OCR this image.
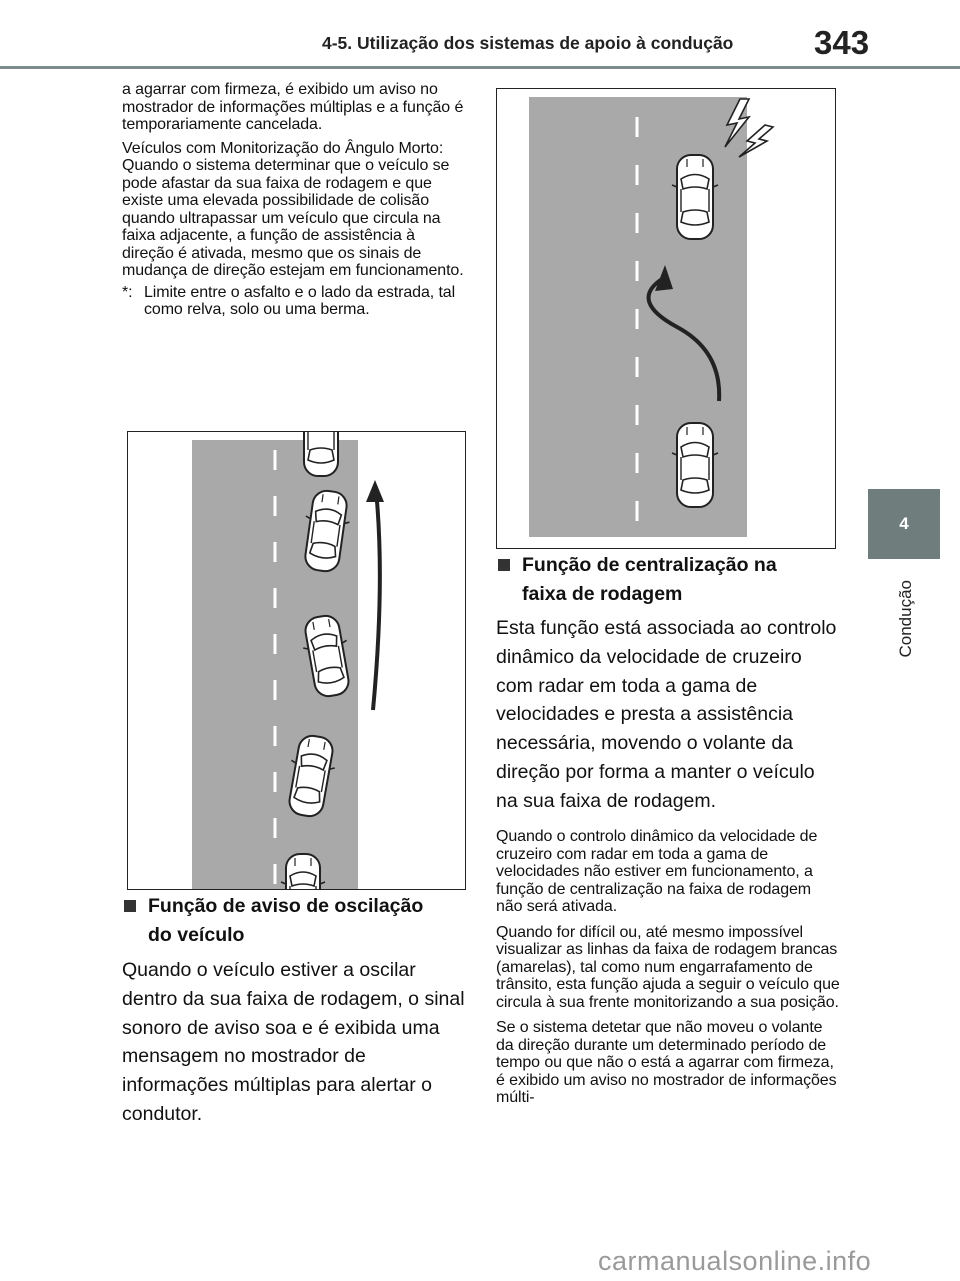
4-5. Utilização dos sistemas de apoio à condução 343
4
Condução

a agarrar com firmeza, é exibido um aviso no mostrador de informações múltiplas e a função é temporariamente cancelada.

Veículos com Monitorização do Ângulo Morto: Quando o sistema determinar que o veículo se pode afastar da sua faixa de rodagem e que existe uma elevada possibilidade de colisão quando ultrapassar um veículo que circula na faixa adjacente, a função de assistência à direção é ativada, mesmo que os sinais de mudança de direção estejam em funcionamento.

*: Limite entre o asfalto e o lado da estrada, tal como relva, solo ou uma berma.
Função de aviso de oscilação
do veículo
Quando o veículo estiver a oscilar dentro da sua faixa de rodagem, o sinal sonoro de aviso soa e é exibida uma mensagem no mostrador de informações múltiplas para alertar o condutor.
Função de centralização na
faixa de rodagem
Esta função está associada ao controlo dinâmico da velocidade de cruzeiro com radar em toda a gama de velocidades e presta a assistência necessária, movendo o volante da direção por forma a manter o veículo na sua faixa de rodagem.

Quando o controlo dinâmico da velocidade de cruzeiro com radar em toda a gama de velocidades não estiver em funcionamento, a função de centralização na faixa de rodagem não será ativada.

Quando for difícil ou, até mesmo impossível visualizar as linhas da faixa de rodagem brancas (amarelas), tal como num engarrafamento de trânsito, esta função ajuda a seguir o veículo que circula à sua frente monitorizando a sua posição.

Se o sistema detetar que não moveu o volante da direção durante um determinado período de tempo ou que não o está a agarrar com firmeza, é exibido um aviso no mostrador de informações múlti-

carmanualsonline.info
